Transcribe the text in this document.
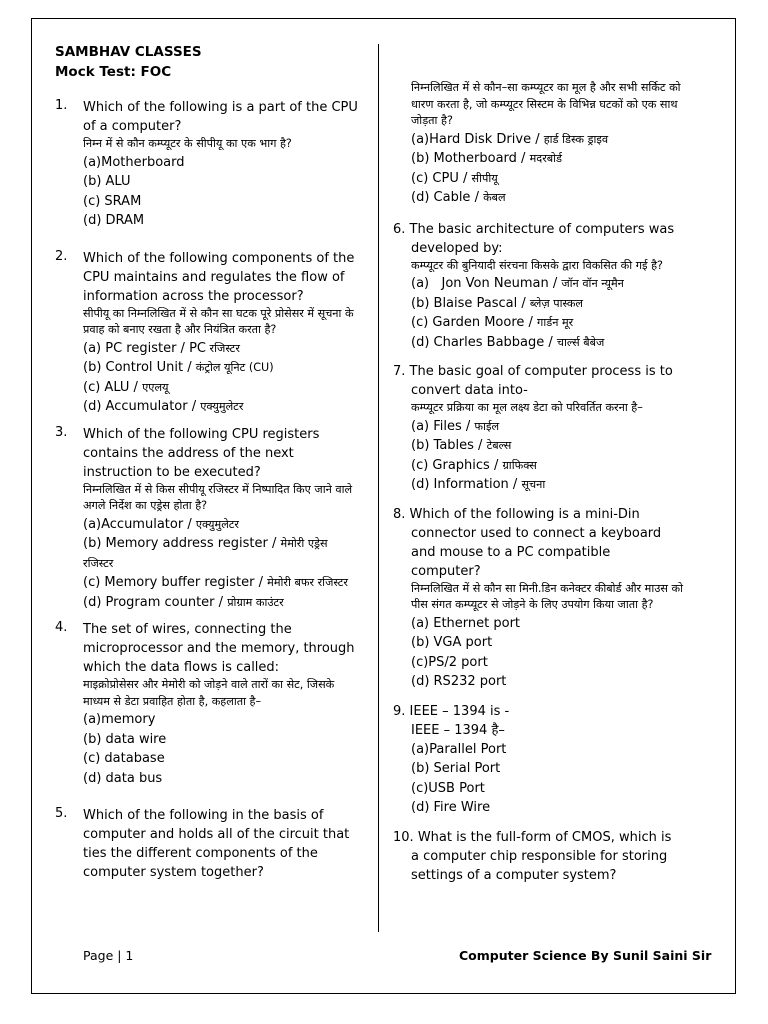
SAMBHAV CLASSES
Mock Test: FOC
1. Which of the following is a part of the CPU of a computer?
निम्न में से कौन कम्प्यूटर के सीपीयू का एक भाग है?
(a)Motherboard
(b) ALU
(c) SRAM
(d) DRAM
2. Which of the following components of the CPU maintains and regulates the flow of information across the processor?
सीपीयू का निम्नलिखित में से कौन सा घटक पूरे प्रोसेसर में सूचना के प्रवाह को बनाए रखता है और नियंत्रित करता है?
(a) PC register / PC रजिस्टर
(b) Control Unit / कंट्रोल यूनिट (CU)
(c) ALU / एएलयू
(d) Accumulator / एक्युमुलेटर
3. Which of the following CPU registers contains the address of the next instruction to be executed?
निम्नलिखित में से किस सीपीयू रजिस्टर में निष्पादित किए जाने वाले अगले निर्देश का एड्रेस होता है?
(a)Accumulator / एक्युमुलेटर
(b) Memory address register / मेमोरी एड्रेस रजिस्टर
(c) Memory buffer register / मेमोरी बफर रजिस्टर
(d) Program counter / प्रोग्राम काउंटर
4. The set of wires, connecting the microprocessor and the memory, through which the data flows is called:
माइक्रोप्रोसेसर और मेमोरी को जोड़ने वाले तारों का सेट, जिसके माध्यम से डेटा प्रवाहित होता है, कहलाता है–
(a)memory
(b) data wire
(c) database
(d) data bus
5. Which of the following in the basis of computer and holds all of the circuit that ties the different components of the computer system together?
निम्नलिखित में से कौन–सा कम्प्यूटर का मूल है और सभी सर्किट को धारण करता है, जो कम्प्यूटर सिस्टम के विभिन्न घटकों को एक साथ जोड़ता है?
(a)Hard Disk Drive / हार्ड डिस्क ड्राइव
(b) Motherboard / मदरबोर्ड
(c) CPU / सीपीयू
(d) Cable / केबल
6. The basic architecture of computers was developed by:
कम्प्यूटर की बुनियादी संरचना किसके द्वारा विकसित की गई है?
(a)   Jon Von Neuman / जॉन वॉन न्यूमैन
(b) Blaise Pascal / ब्लेज़ पास्कल
(c) Garden Moore / गार्डन मूर
(d) Charles Babbage / चार्ल्स बैबेज
7. The basic goal of computer process is to convert data into-
कम्प्यूटर प्रक्रिया का मूल लक्ष्य डेटा को परिवर्तित करना है–
(a) Files / फाईल
(b) Tables / टेबल्स
(c) Graphics / ग्राफिक्स
(d) Information / सूचना
8. Which of the following is a mini-Din connector used to connect a keyboard and mouse to a PC compatible computer?
निम्नलिखित में से कौन सा मिनी.डिन कनेक्टर कीबोर्ड और माउस को पीस संगत कम्प्यूटर से जोड़ने के लिए उपयोग किया जाता है?
(a) Ethernet port
(b) VGA port
(c)PS/2 port
(d) RS232 port
9. IEEE – 1394 is -
IEEE – 1394 है–
(a)Parallel Port
(b) Serial Port
(c)USB Port
(d) Fire Wire
10. What is the full-form of CMOS, which is a computer chip responsible for storing settings of a computer system?
Page | 1	Computer Science By Sunil Saini Sir
